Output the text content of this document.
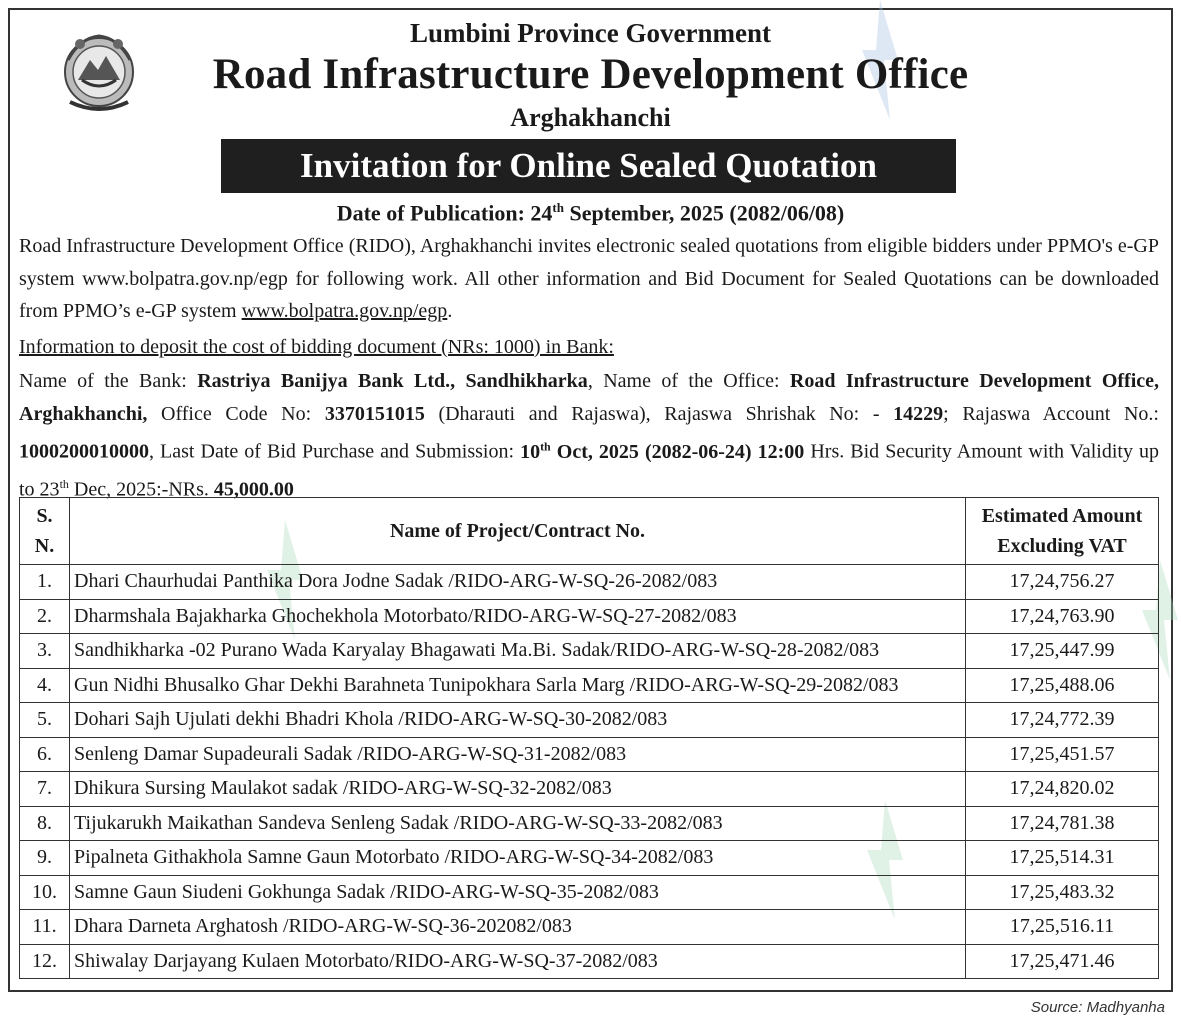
Lumbini Province Government
Road Infrastructure Development Office
Arghakhanchi
Invitation for Online Sealed Quotation
Date of Publication: 24th September, 2025 (2082/06/08)
Road Infrastructure Development Office (RIDO), Arghakhanchi invites electronic sealed quotations from eligible bidders under PPMO's e-GP system www.bolpatra.gov.np/egp for following work. All other information and Bid Document for Sealed Quotations can be downloaded from PPMO’s e-GP system www.bolpatra.gov.np/egp.
Information to deposit the cost of bidding document (NRs: 1000) in Bank:
Name of the Bank: Rastriya Banijya Bank Ltd., Sandhikharka, Name of the Office: Road Infrastructure Development Office, Arghakhanchi, Office Code No: 3370151015 (Dharauti and Rajaswa), Rajaswa Shrishak No: - 14229; Rajaswa Account No.: 1000200010000, Last Date of Bid Purchase and Submission: 10th Oct, 2025 (2082-06-24) 12:00 Hrs. Bid Security Amount with Validity up to 23th Dec, 2025:-NRs. 45,000.00
S.
N.	Name of Project/Contract No.	Estimated Amount
Excluding VAT
1.	Dhari Chaurhudai Panthika Dora Jodne Sadak /RIDO-ARG-W-SQ-26-2082/083	17,24,756.27
2.	Dharmshala Bajakharka Ghochekhola Motorbato/RIDO-ARG-W-SQ-27-2082/083	17,24,763.90
3.	Sandhikharka -02 Purano Wada Karyalay Bhagawati Ma.Bi. Sadak/RIDO-ARG-W-SQ-28-2082/083	17,25,447.99
4.	Gun Nidhi Bhusalko Ghar Dekhi Barahneta Tunipokhara Sarla Marg /RIDO-ARG-W-SQ-29-2082/083	17,25,488.06
5.	Dohari Sajh Ujulati dekhi Bhadri Khola /RIDO-ARG-W-SQ-30-2082/083	17,24,772.39
6.	Senleng Damar Supadeurali Sadak /RIDO-ARG-W-SQ-31-2082/083	17,25,451.57
7.	Dhikura Sursing Maulakot sadak /RIDO-ARG-W-SQ-32-2082/083	17,24,820.02
8.	Tijukarukh Maikathan Sandeva Senleng Sadak /RIDO-ARG-W-SQ-33-2082/083	17,24,781.38
9.	Pipalneta Githakhola Samne Gaun Motorbato /RIDO-ARG-W-SQ-34-2082/083	17,25,514.31
10.	Samne Gaun Siudeni Gokhunga Sadak /RIDO-ARG-W-SQ-35-2082/083	17,25,483.32
11.	Dhara Darneta Arghatosh /RIDO-ARG-W-SQ-36-202082/083	17,25,516.11
12.	Shiwalay Darjayang Kulaen Motorbato/RIDO-ARG-W-SQ-37-2082/083	17,25,471.46
Source: Madhyanha
